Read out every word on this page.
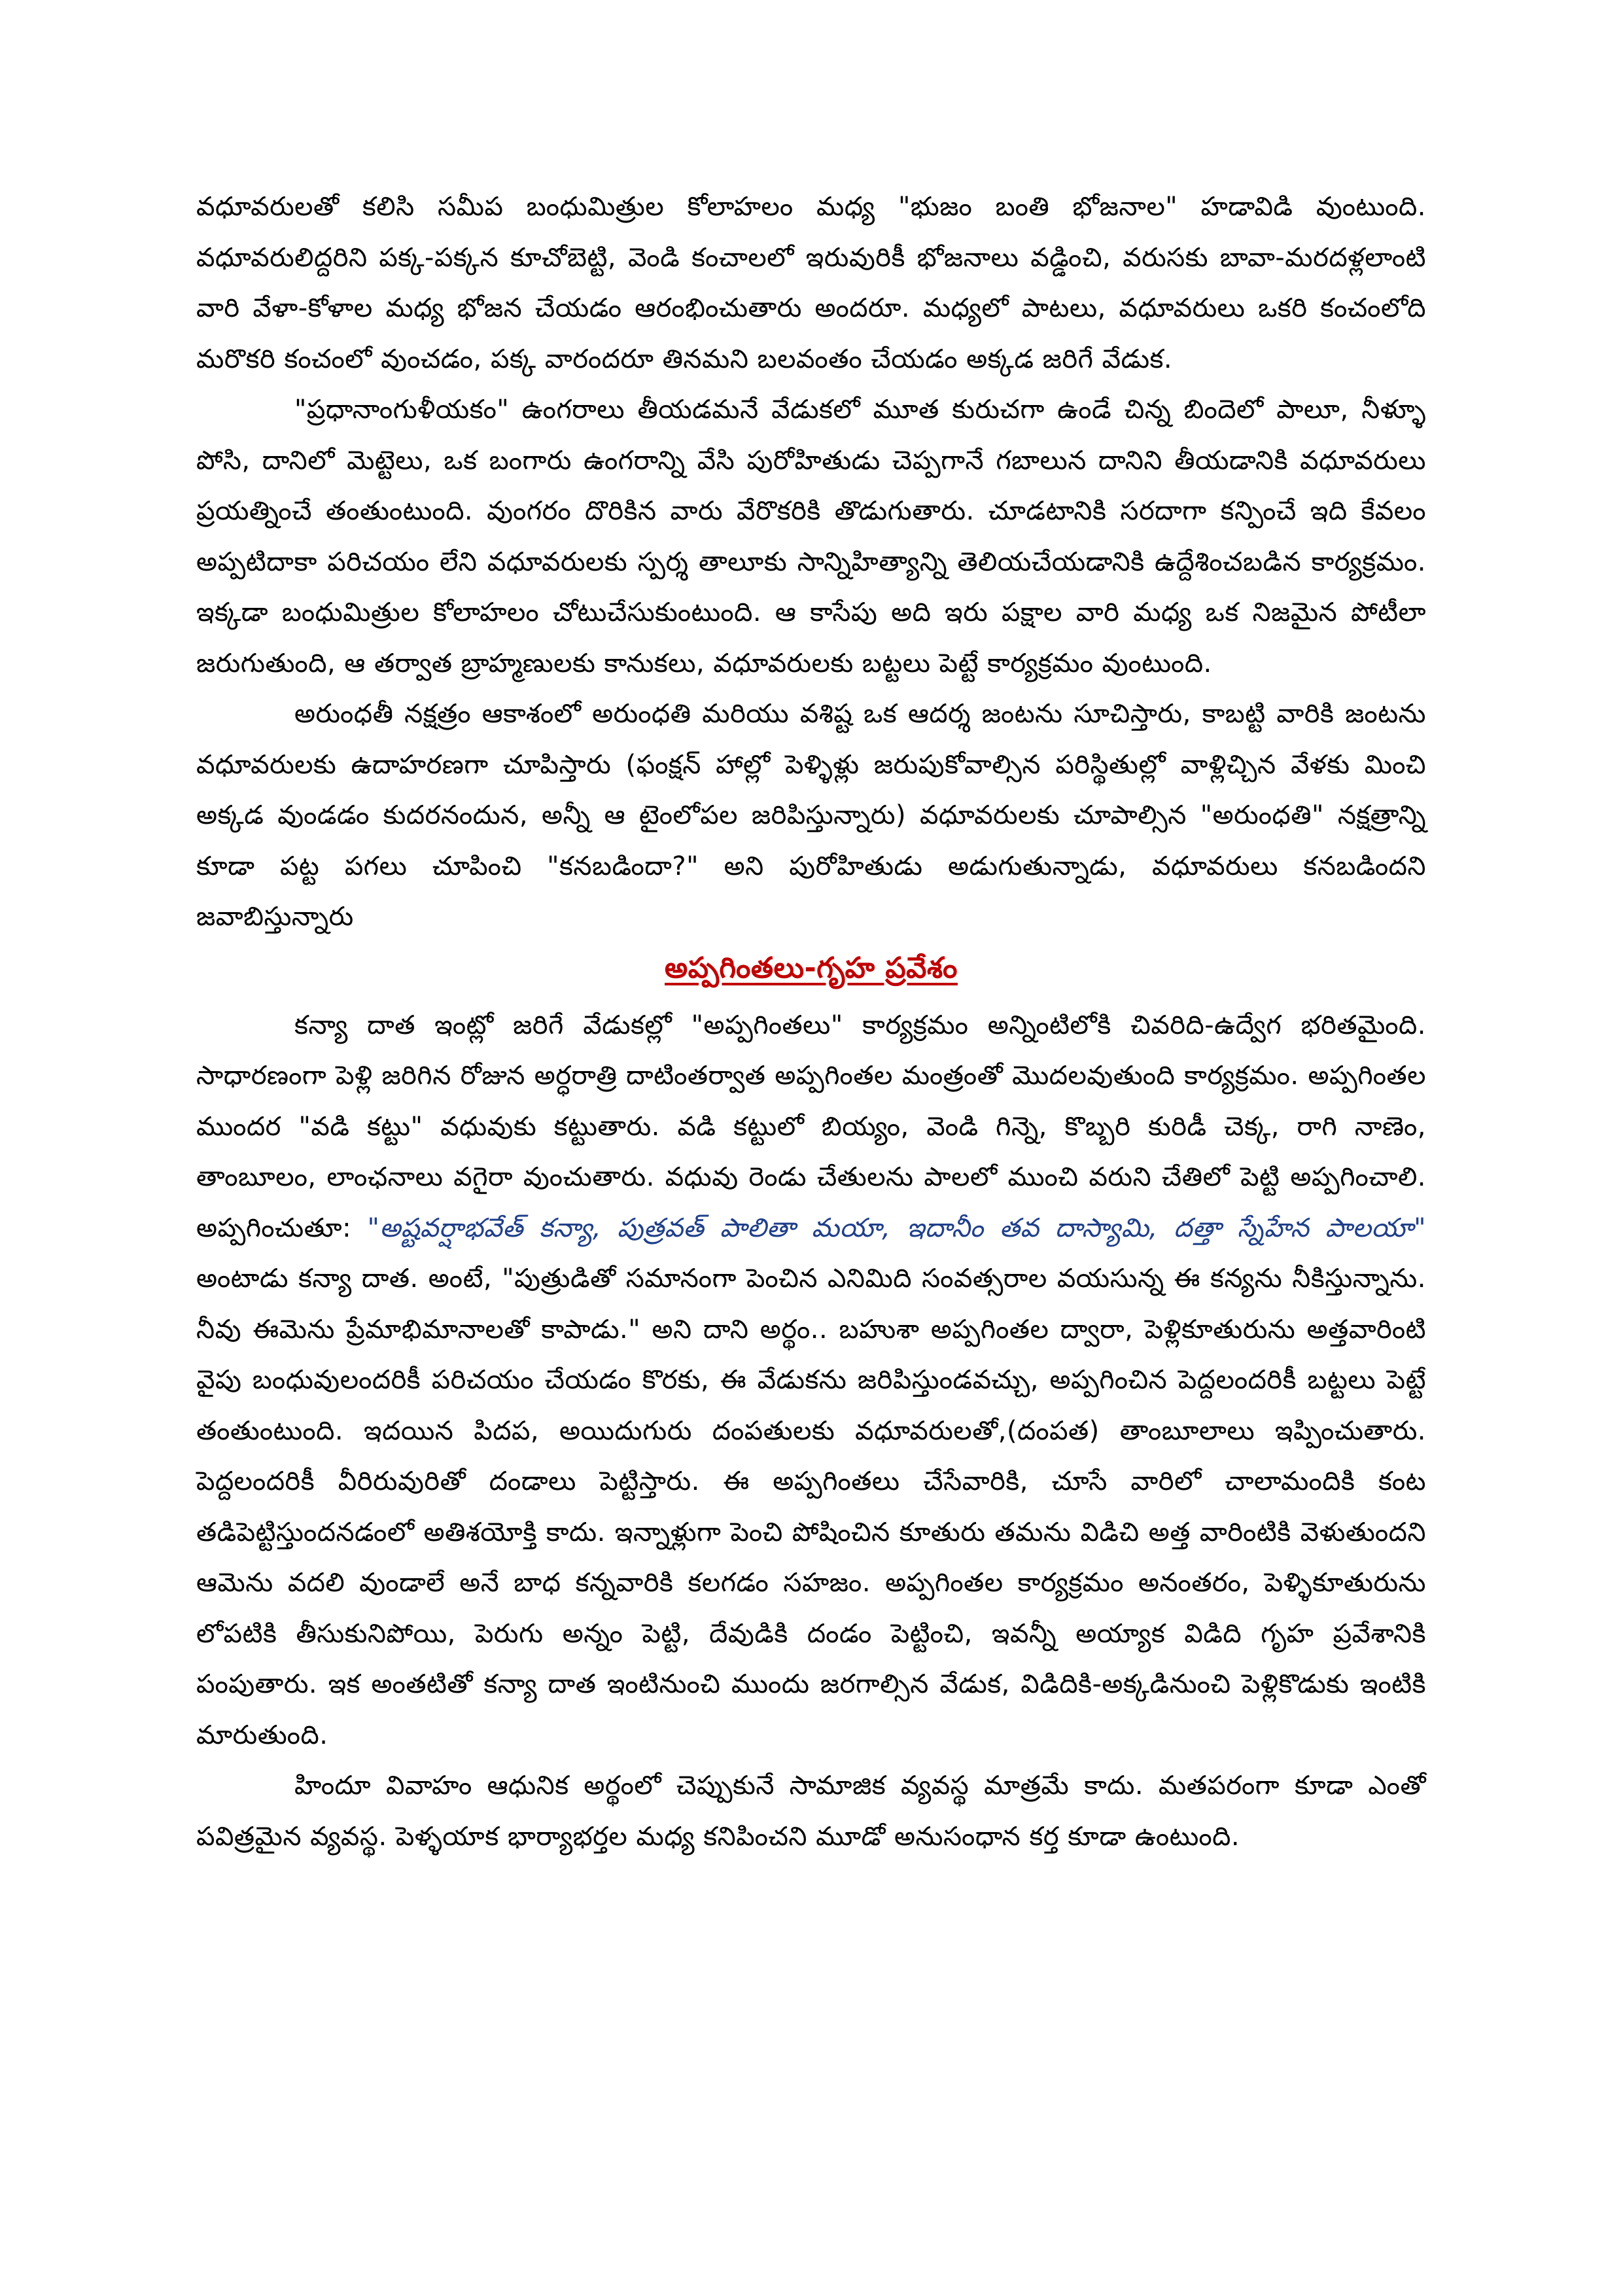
వధూవరులతో కలిసి సమీప బంధుమిత్రుల కోలాహలం మధ్య "భుజం బంతి భోజనాల" హడావిడి వుంటుంది. వధూవరులిద్దరిని పక్క-పక్కన కూచోబెట్టి, వెండి కంచాలలో ఇరువురికీ భోజనాలు వడ్డించి, వరుసకు బావా-మరదళ్లలాంటి వారి వేళా-కోళాల మధ్య భోజన చేయడం ఆరంభించుతారు అందరూ. మధ్యలో పాటలు, వధూవరులు ఒకరి కంచంలోది మరొకరి కంచంలో వుంచడం, పక్క వారందరూ తినమని బలవంతం చేయడం అక్కడ జరిగే వేడుక.

"ప్రధానాంగుళీయకం" ఉంగరాలు తీయడమనే వేడుకలో మూత కురుచగా ఉండే చిన్న బిందెలో పాలూ, నీళ్ళూ పోసి, దానిలో మెట్టెలు, ఒక బంగారు ఉంగరాన్ని వేసి పురోహితుడు చెప్పగానే గబాలున దానిని తీయడానికి వధూవరులు ప్రయత్నించే తంతుంటుంది. వుంగరం దొరికిన వారు వేరొకరికి తొడుగుతారు. చూడటానికి సరదాగా కన్పించే ఇది కేవలం అప్పటిదాకా పరిచయం లేని వధూవరులకు స్పర్శ తాలూకు సాన్నిహిత్యాన్ని తెలియచేయడానికి ఉద్దేశించబడిన కార్యక్రమం. ఇక్కడా బంధుమిత్రుల కోలాహలం చోటుచేసుకుంటుంది. ఆ కాసేపు అది ఇరు పక్షాల వారి మధ్య ఒక నిజమైన పోటీలా జరుగుతుంది, ఆ తర్వాత బ్రాహ్మణులకు కానుకలు, వధూవరులకు బట్టలు పెట్టే కార్యక్రమం వుంటుంది.

అరుంధతీ నక్షత్రం ఆకాశంలో అరుంధతి మరియు వశిష్ట ఒక ఆదర్శ జంటను సూచిస్తారు, కాబట్టి వారికి జంటను వధూవరులకు ఉదాహరణగా చూపిస్తారు (ఫంక్షన్ హాల్లో పెళ్ళిళ్లు జరుపుకోవాల్సిన పరిస్థితుల్లో వాళ్లిచ్చిన వేళకు మించి అక్కడ వుండడం కుదరనందున, అన్నీ ఆ టైంలోపల జరిపిస్తున్నారు) వధూవరులకు చూపాల్సిన "అరుంధతి" నక్షత్రాన్ని కూడా పట్ట పగలు చూపించి "కనబడిందా?" అని పురోహితుడు అడుగుతున్నాడు, వధూవరులు కనబడిందని జవాబిస్తున్నారు

అప్పగింతలు-గృహ ప్రవేశం

కన్యా దాత ఇంట్లో జరిగే వేడుకల్లో "అప్పగింతలు" కార్యక్రమం అన్నింటిలోకి చివరిది-ఉద్వేగ భరితమైంది. సాధారణంగా పెళ్లి జరిగిన రోజున అర్ధరాత్రి దాటింతర్వాత అప్పగింతల మంత్రంతో మొదలవుతుంది కార్యక్రమం. అప్పగింతల ముందర "వడి కట్టు" వధువుకు కట్టుతారు. వడి కట్టులో బియ్యం, వెండి గిన్నె, కొబ్బరి కురిడీ చెక్క, రాగి నాణెం, తాంబూలం, లాంఛనాలు వగైరా వుంచుతారు. వధువు రెండు చేతులను పాలలో ముంచి వరుని చేతిలో పెట్టి అప్పగించాలి. అప్పగించుతూ: "అష్టవర్షాభవేత్ కన్యా, పుత్రవత్ పాలితా మయా, ఇదానీం తవ దాస్యామి, దత్తా స్నేహేన పాలయా" అంటాడు కన్యా దాత. అంటే, "పుత్రుడితో సమానంగా పెంచిన ఎనిమిది సంవత్సరాల వయసున్న ఈ కన్యను నీకిస్తున్నాను. నీవు ఈమెను ప్రేమాభిమానాలతో కాపాడు." అని దాని అర్థం.. బహుశా అప్పగింతల ద్వారా, పెళ్లికూతురును అత్తవారింటి వైపు బంధువులందరికీ పరిచయం చేయడం కొరకు, ఈ వేడుకను జరిపిస్తుండవచ్చు, అప్పగించిన పెద్దలందరికీ బట్టలు పెట్టే తంతుంటుంది. ఇదయిన పిదప, అయిదుగురు దంపతులకు వధూవరులతో,(దంపత) తాంబూలాలు ఇప్పించుతారు. పెద్దలందరికీ వీరిరువురితో దండాలు పెట్టిస్తారు. ఈ అప్పగింతలు చేసేవారికి, చూసే వారిలో చాలామందికి కంట తడిపెట్టిస్తుందనడంలో అతిశయోక్తి కాదు. ఇన్నాళ్లుగా పెంచి పోషించిన కూతురు తమను విడిచి అత్త వారింటికి వెళుతుందని ఆమెను వదలి వుండాలే అనే బాధ కన్నవారికి కలగడం సహజం. అప్పగింతల కార్యక్రమం అనంతరం, పెళ్ళికూతురును లోపటికి తీసుకునిపోయి, పెరుగు అన్నం పెట్టి, దేవుడికి దండం పెట్టించి, ఇవన్నీ అయ్యాక విడిది గృహ ప్రవేశానికి పంపుతారు. ఇక అంతటితో కన్యా దాత ఇంటినుంచి ముందు జరగాల్సిన వేడుక, విడిదికి-అక్కడినుంచి పెళ్లికొడుకు ఇంటికి మారుతుంది.

హిందూ వివాహం ఆధునిక అర్థంలో చెప్పుకునే సామాజిక వ్యవస్థ మాత్రమే కాదు. మతపరంగా కూడా ఎంతో పవిత్రమైన వ్యవస్థ. పెళ్ళయాక భార్యాభర్తల మధ్య కనిపించని మూడో అనుసంధాన కర్త కూడా ఉంటుంది.
